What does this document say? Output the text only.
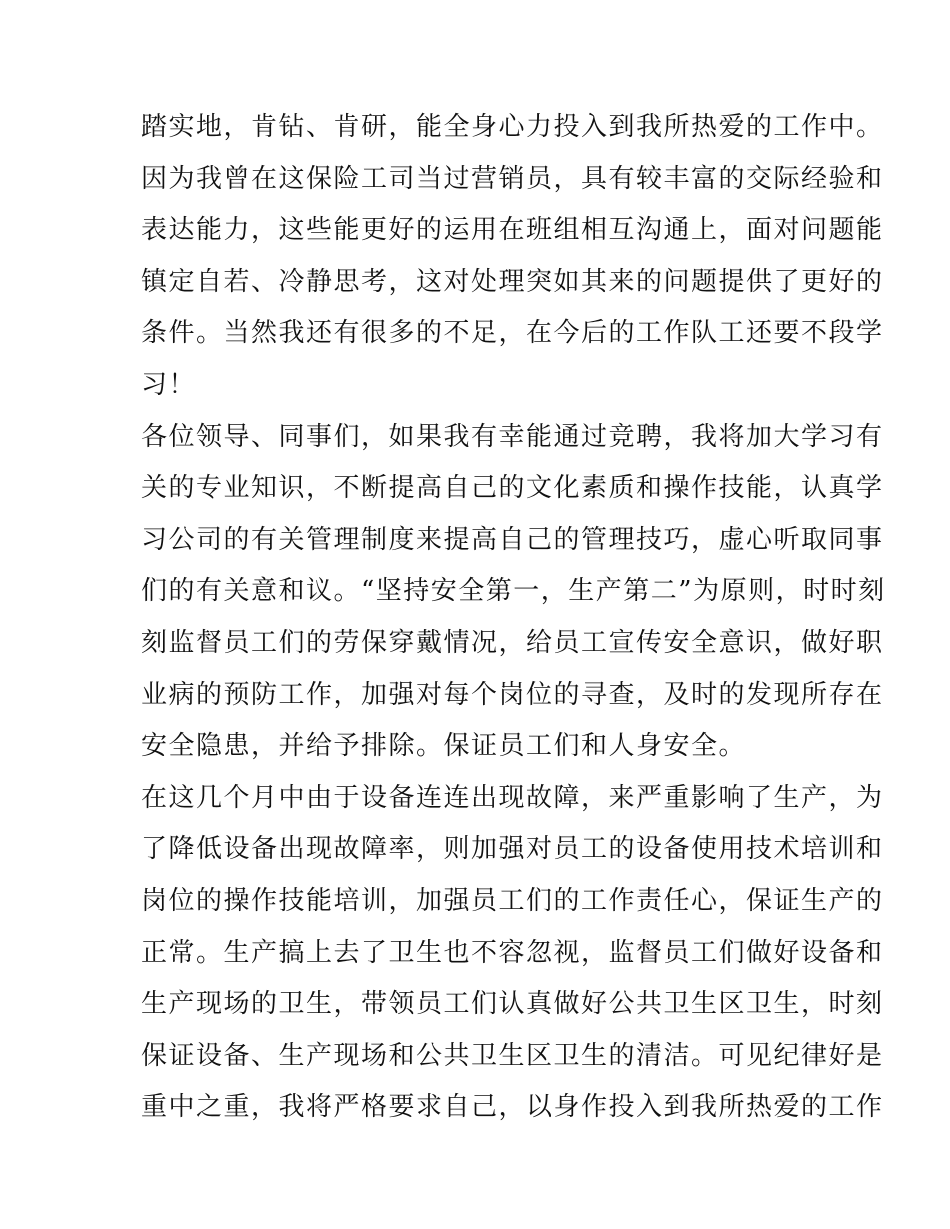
踏实地，肯钻、肯研，能全身心力投入到我所热爱的工作中。
因为我曾在这保险工司当过营销员，具有较丰富的交际经验和
表达能力，这些能更好的运用在班组相互沟通上，面对问题能
镇定自若、冷静思考，这对处理突如其来的问题提供了更好的
条件。当然我还有很多的不足，在今后的工作队工还要不段学
习！
各位领导、同事们，如果我有幸能通过竞聘，我将加大学习有
关的专业知识，不断提高自己的文化素质和操作技能，认真学
习公司的有关管理制度来提高自己的管理技巧，虚心听取同事
们的有关意和议。“坚持安全第一，生产第二”为原则，时时刻
刻监督员工们的劳保穿戴情况，给员工宣传安全意识，做好职
业病的预防工作，加强对每个岗位的寻查，及时的发现所存在
安全隐患，并给予排除。保证员工们和人身安全。
在这几个月中由于设备连连出现故障，来严重影响了生产，为
了降低设备出现故障率，则加强对员工的设备使用技术培训和
岗位的操作技能培训，加强员工们的工作责任心，保证生产的
正常。生产搞上去了卫生也不容忽视，监督员工们做好设备和
生产现场的卫生，带领员工们认真做好公共卫生区卫生，时刻
保证设备、生产现场和公共卫生区卫生的清洁。可见纪律好是
重中之重，我将严格要求自己，以身作投入到我所热爱的工作
